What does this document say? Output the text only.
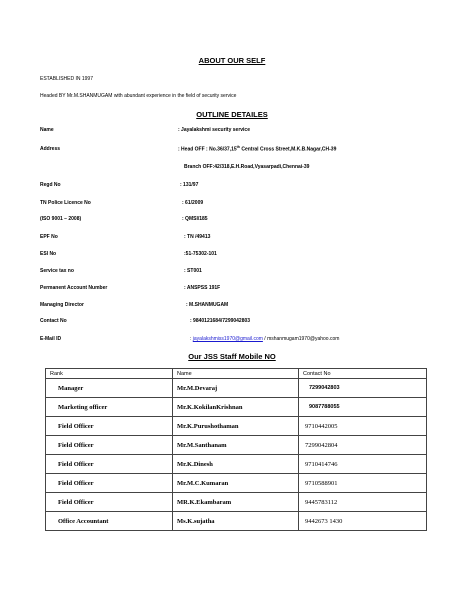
ABOUT OUR SELF
ESTABLISHED IN 1997
Headed BY Mr.M.SHANMUGAM with abundant experience in the field of security service
OUTLINE DETAILES
Name	: Jayalakshmi security service
Address	: Head OFF : No.36/37,15th Central Cross Street,M.K.B.Nagar,CH-39
Branch OFF:42/318,E.H.Road,Vyasarpadi,Chennai-39
Regd No	: 131/97
TN Police Licence No	: 61/2009
(ISO 9001 – 2008)	: QMSI/185
EPF No	: TN /49413
ESI No	:51-75302-101
Service tax no	: ST001
Permanent Account Number	: ANSPSS 191F
Managing Director	: M.SHANMUGAM
Contact No	: 9840121684/7299042803
E-Mail ID	: jayalakshmiss1970@gmail.com / mshanmugam1970@yahoo.com
Our JSS Staff Mobile NO
Rank	Name	Contact No
Manager	Mr.M.Devaraj	7299042803
Marketing officer	Mr.K.KokilanKrishnan	9087788055
Field Officer	Mr.K.Purushothaman	9710442005
Field Officer	Mr.M.Santhanam	7299042804
Field Officer	Mr.K.Dinesh	9710414746
Field Officer	Mr.M.C.Kumaran	9710588901
Field Officer	MR.K.Ekambaram	9445783112
Office Accountant	Ms.K.sujatha	9442673 1430
